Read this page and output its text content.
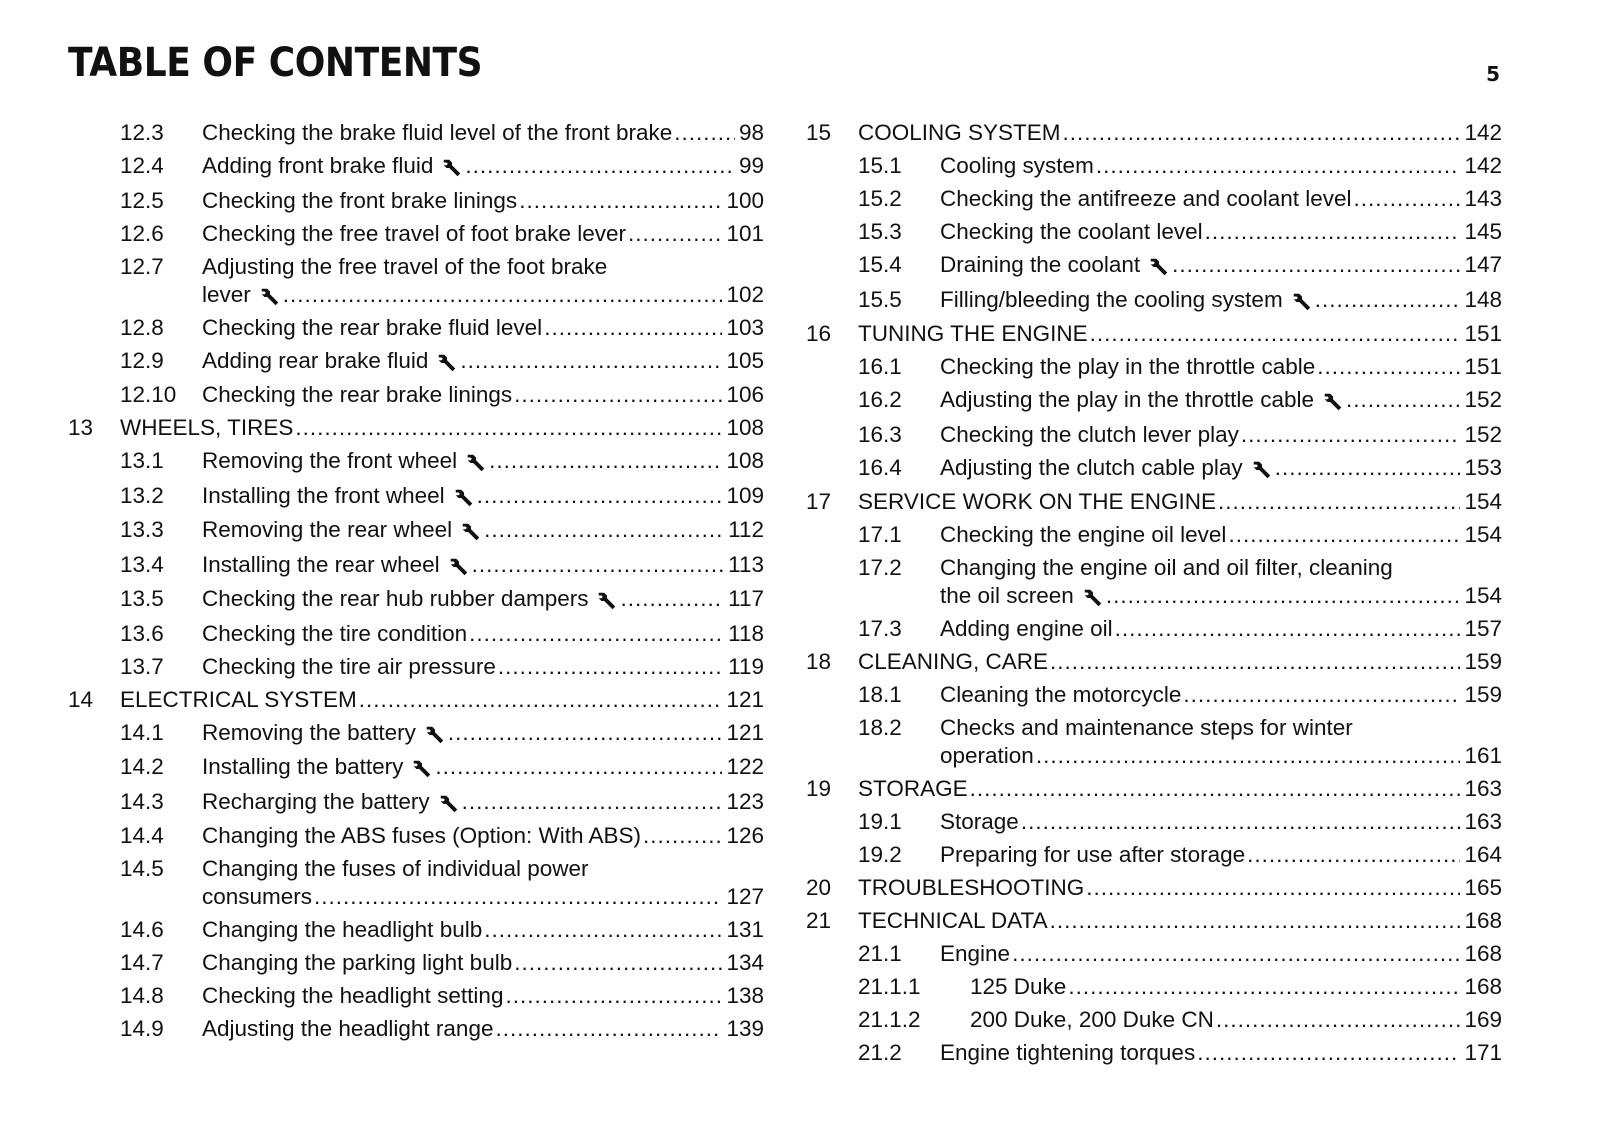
TABLE OF CONTENTS	5
12.3 Checking the brake fluid level of the front brake .....	98
12.4 Adding front brake fluid .....	99
12.5 Checking the front brake linings .....	100
12.6 Checking the free travel of foot brake lever .....	101
12.7 Adjusting the free travel of the foot brake
lever .....	102
12.8 Checking the rear brake fluid level .....	103
12.9 Adding rear brake fluid .....	105
12.10 Checking the rear brake linings .....	106
13 WHEELS, TIRES .....	108
13.1 Removing the front wheel .....	108
13.2 Installing the front wheel .....	109
13.3 Removing the rear wheel .....	112
13.4 Installing the rear wheel .....	113
13.5 Checking the rear hub rubber dampers .....	117
13.6 Checking the tire condition .....	118
13.7 Checking the tire air pressure .....	119
14 ELECTRICAL SYSTEM .....	121
14.1 Removing the battery .....	121
14.2 Installing the battery .....	122
14.3 Recharging the battery .....	123
14.4 Changing the ABS fuses (Option: With ABS) .....	126
14.5 Changing the fuses of individual power
consumers .....	127
14.6 Changing the headlight bulb .....	131
14.7 Changing the parking light bulb .....	134
14.8 Checking the headlight setting .....	138
14.9 Adjusting the headlight range .....	139
15 COOLING SYSTEM .....	142
15.1 Cooling system .....	142
15.2 Checking the antifreeze and coolant level .....	143
15.3 Checking the coolant level .....	145
15.4 Draining the coolant .....	147
15.5 Filling/bleeding the cooling system .....	148
16 TUNING THE ENGINE .....	151
16.1 Checking the play in the throttle cable .....	151
16.2 Adjusting the play in the throttle cable .....	152
16.3 Checking the clutch lever play .....	152
16.4 Adjusting the clutch cable play .....	153
17 SERVICE WORK ON THE ENGINE .....	154
17.1 Checking the engine oil level .....	154
17.2 Changing the engine oil and oil filter, cleaning
the oil screen .....	154
17.3 Adding engine oil .....	157
18 CLEANING, CARE .....	159
18.1 Cleaning the motorcycle .....	159
18.2 Checks and maintenance steps for winter
operation .....	161
19 STORAGE .....	163
19.1 Storage .....	163
19.2 Preparing for use after storage .....	164
20 TROUBLESHOOTING .....	165
21 TECHNICAL DATA .....	168
21.1 Engine .....	168
21.1.1 125 Duke .....	168
21.1.2 200 Duke, 200 Duke CN .....	169
21.2 Engine tightening torques .....	171
